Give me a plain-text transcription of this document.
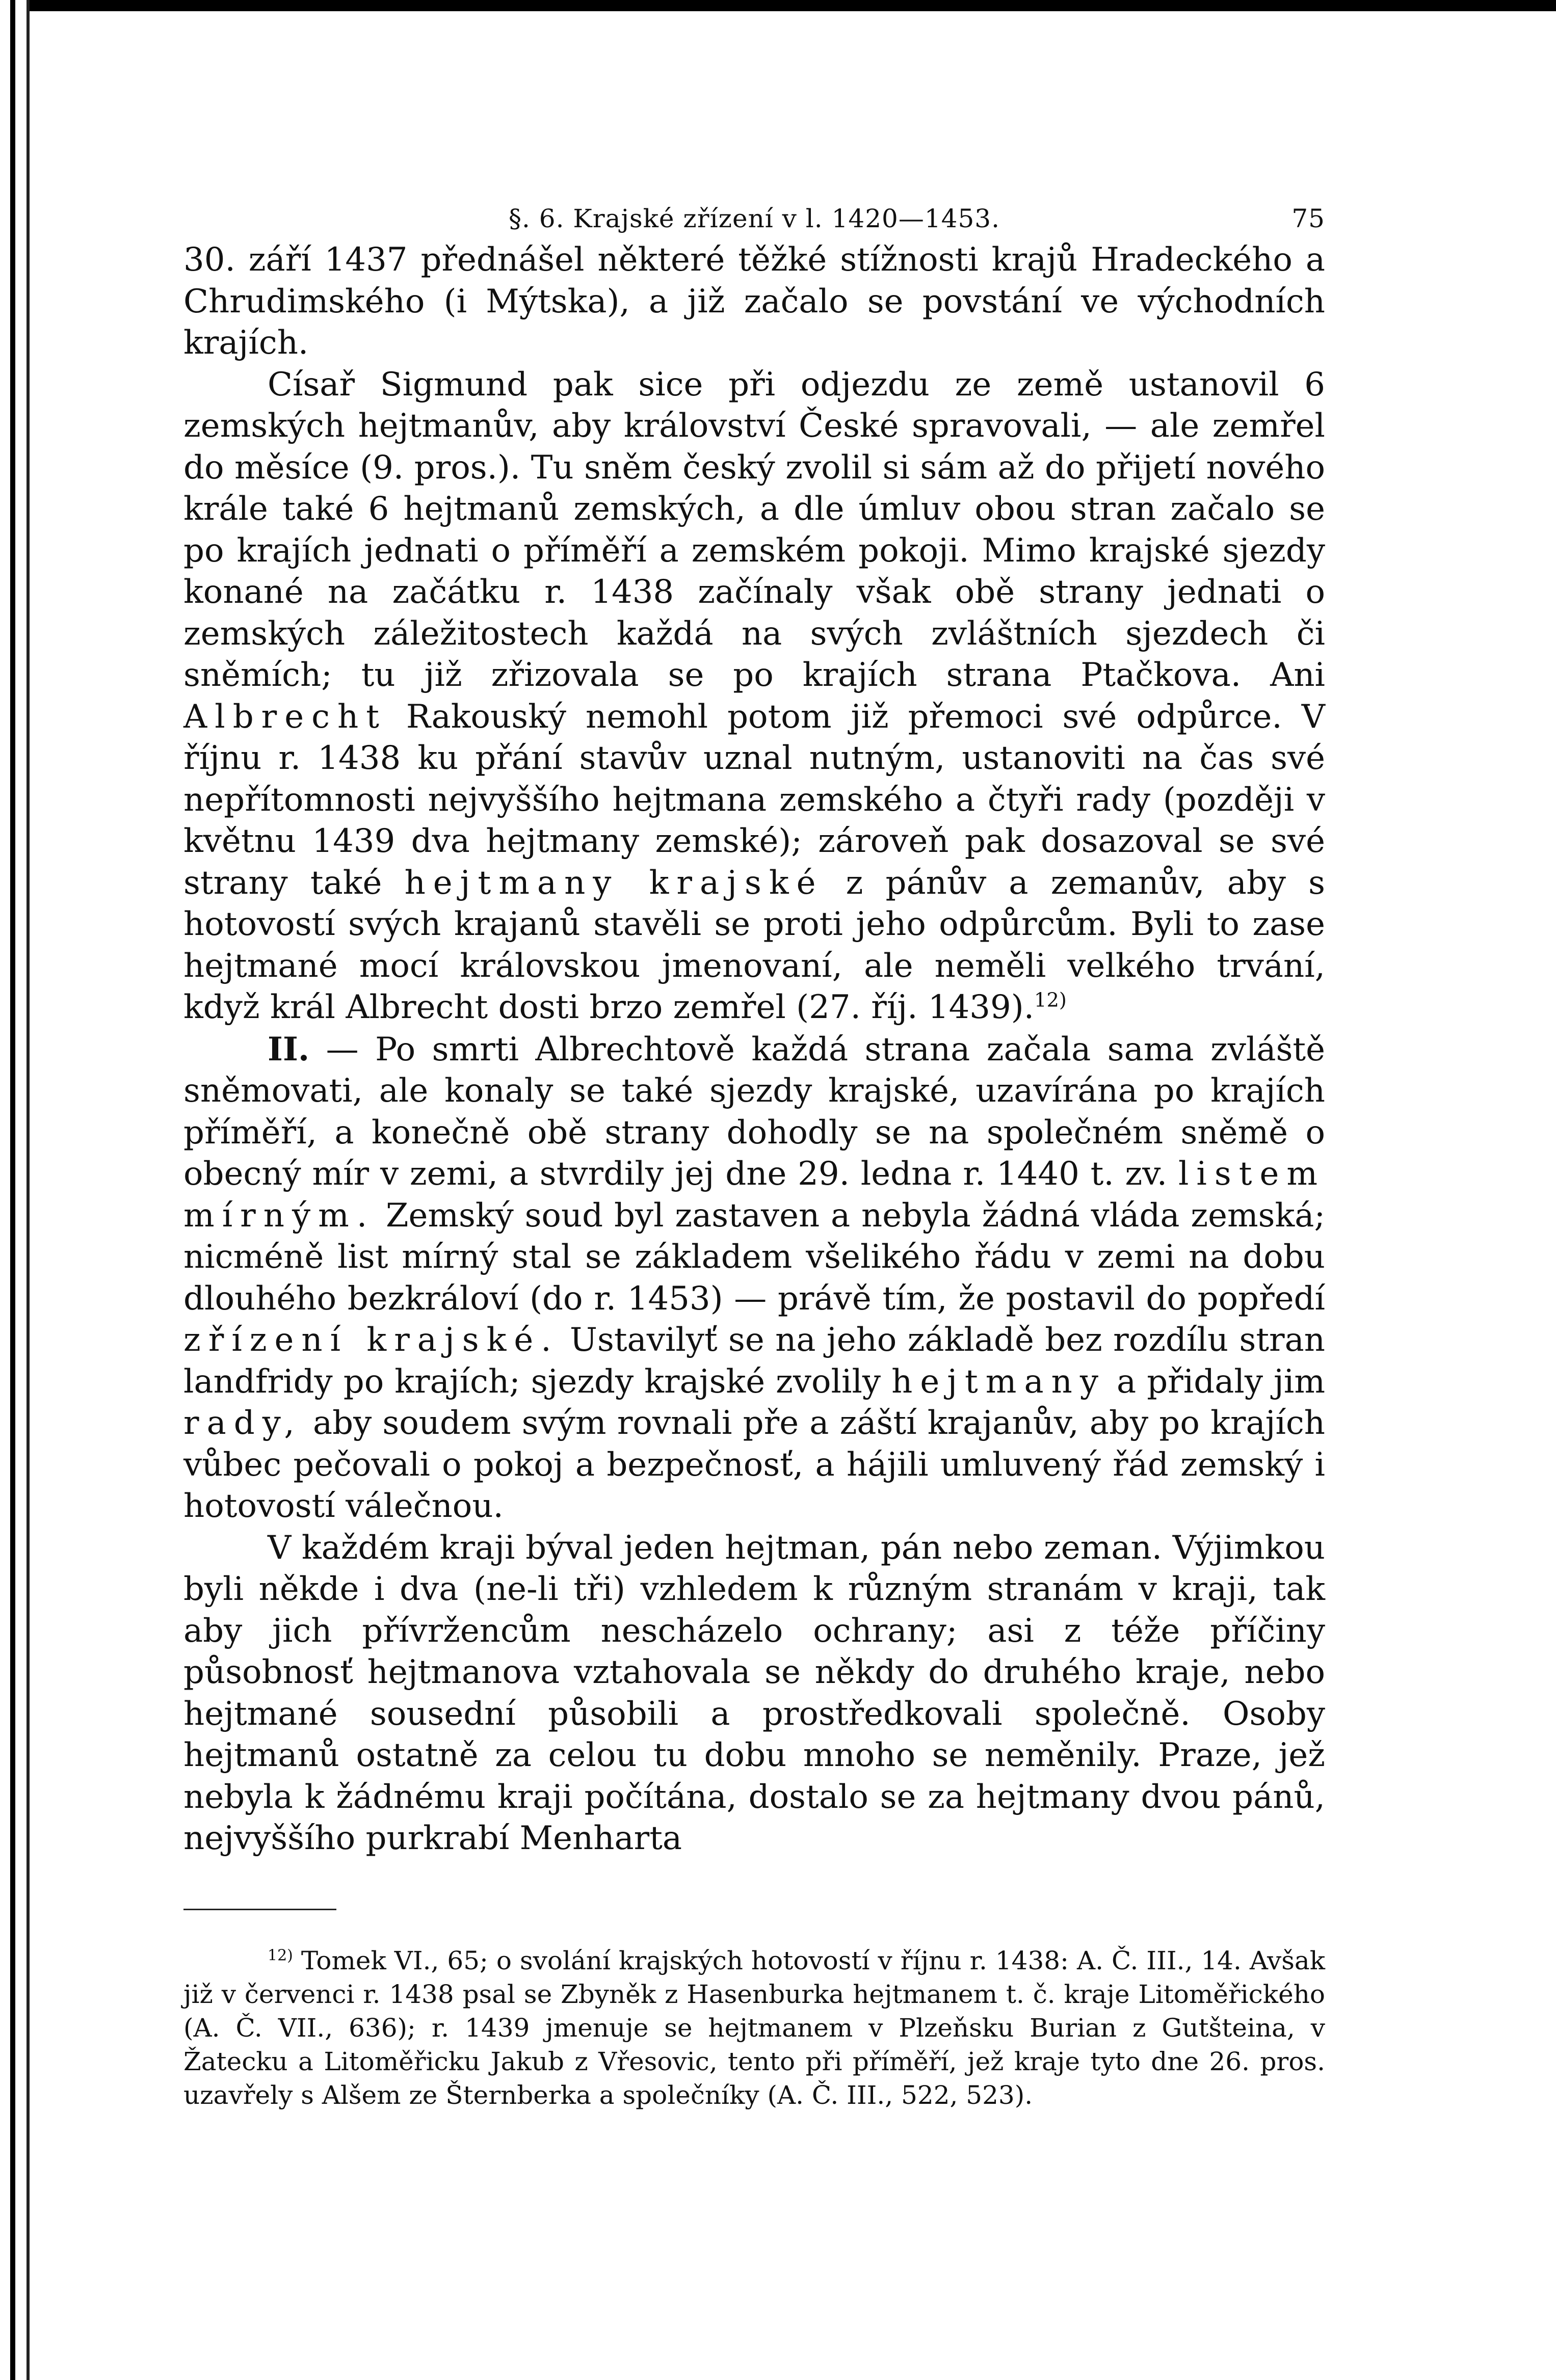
§. 6. Krajské zřízení v l. 1420—1453.	75

30. září 1437 přednášel některé těžké stížnosti krajů Hradeckého a Chrudimského (i Mýtska), a již začalo se povstání ve východních krajích.

Císař Sigmund pak sice při odjezdu ze země ustanovil 6 zemských hejtmanův, aby království České spravovali, — ale zemřel do měsíce (9. pros.). Tu sněm český zvolil si sám až do přijetí nového krále také 6 hejtmanů zemských, a dle úmluv obou stran začalo se po krajích jednati o příměří a zemském pokoji. Mimo krajské sjezdy konané na začátku r. 1438 začínaly však obě strany jednati o zemských záležitostech každá na svých zvláštních sjezdech či sněmích; tu již zřizovala se po krajích strana Ptačkova. Ani Albrecht Rakouský nemohl potom již přemoci své odpůrce. V říjnu r. 1438 ku přání stavův uznal nutným, ustanoviti na čas své nepřítomnosti nejvyššího hejtmana zemského a čtyři rady (později v květnu 1439 dva hejtmany zemské); zároveň pak dosazoval se své strany také hejtmany krajské z pánův a zemanův, aby s hotovostí svých krajanů stavěli se proti jeho odpůrcům. Byli to zase hejtmané mocí královskou jmenovaní, ale neměli velkého trvání, když král Albrecht dosti brzo zemřel (27. říj. 1439).$^{12)}$

II. — Po smrti Albrechtově každá strana začala sama zvláště sněmovati, ale konaly se také sjezdy krajské, uzavírána po krajích příměří, a konečně obě strany dohodly se na společném sněmě o obecný mír v zemi, a stvrdily jej dne 29. ledna r. 1440 t. zv. listem mírným. Zemský soud byl zastaven a nebyla žádná vláda zemská; nicméně list mírný stal se základem všelikého řádu v zemi na dobu dlouhého bezkráloví (do r. 1453) — právě tím, že postavil do popředí zřízení krajské. Ustavilyť se na jeho základě bez rozdílu stran landfridy po krajích; sjezdy krajské zvolily hejtmany a přidaly jim rady, aby soudem svým rovnali pře a záští krajanův, aby po krajích vůbec pečovali o pokoj a bezpečnosť, a hájili umluvený řád zemský i hotovostí válečnou.

V každém kraji býval jeden hejtman, pán nebo zeman. Výjimkou byli někde i dva (ne-li tři) vzhledem k různým stranám v kraji, tak aby jich přívržencům nescházelo ochrany; asi z téže příčiny působnosť hejtmanova vztahovala se někdy do druhého kraje, nebo hejtmané sousední působili a prostředkovali společně. Osoby hejtmanů ostatně za celou tu dobu mnoho se neměnily. Praze, jež nebyla k žádnému kraji počítána, dostalo se za hejtmany dvou pánů, nejvyššího purkrabí Menharta

$^{12)}$ Tomek VI., 65; o svolání krajských hotovostí v říjnu r. 1438: A. Č. III., 14. Avšak již v červenci r. 1438 psal se Zbyněk z Hasenburka hejtmanem t. č. kraje Litoměřického (A. Č. VII., 636); r. 1439 jmenuje se hejtmanem v Plzeňsku Burian z Gutšteina, v Žatecku a Litoměřicku Jakub z Vřesovic, tento při příměří, jež kraje tyto dne 26. pros. uzavřely s Alšem ze Šternberka a společníky (A. Č. III., 522, 523).
